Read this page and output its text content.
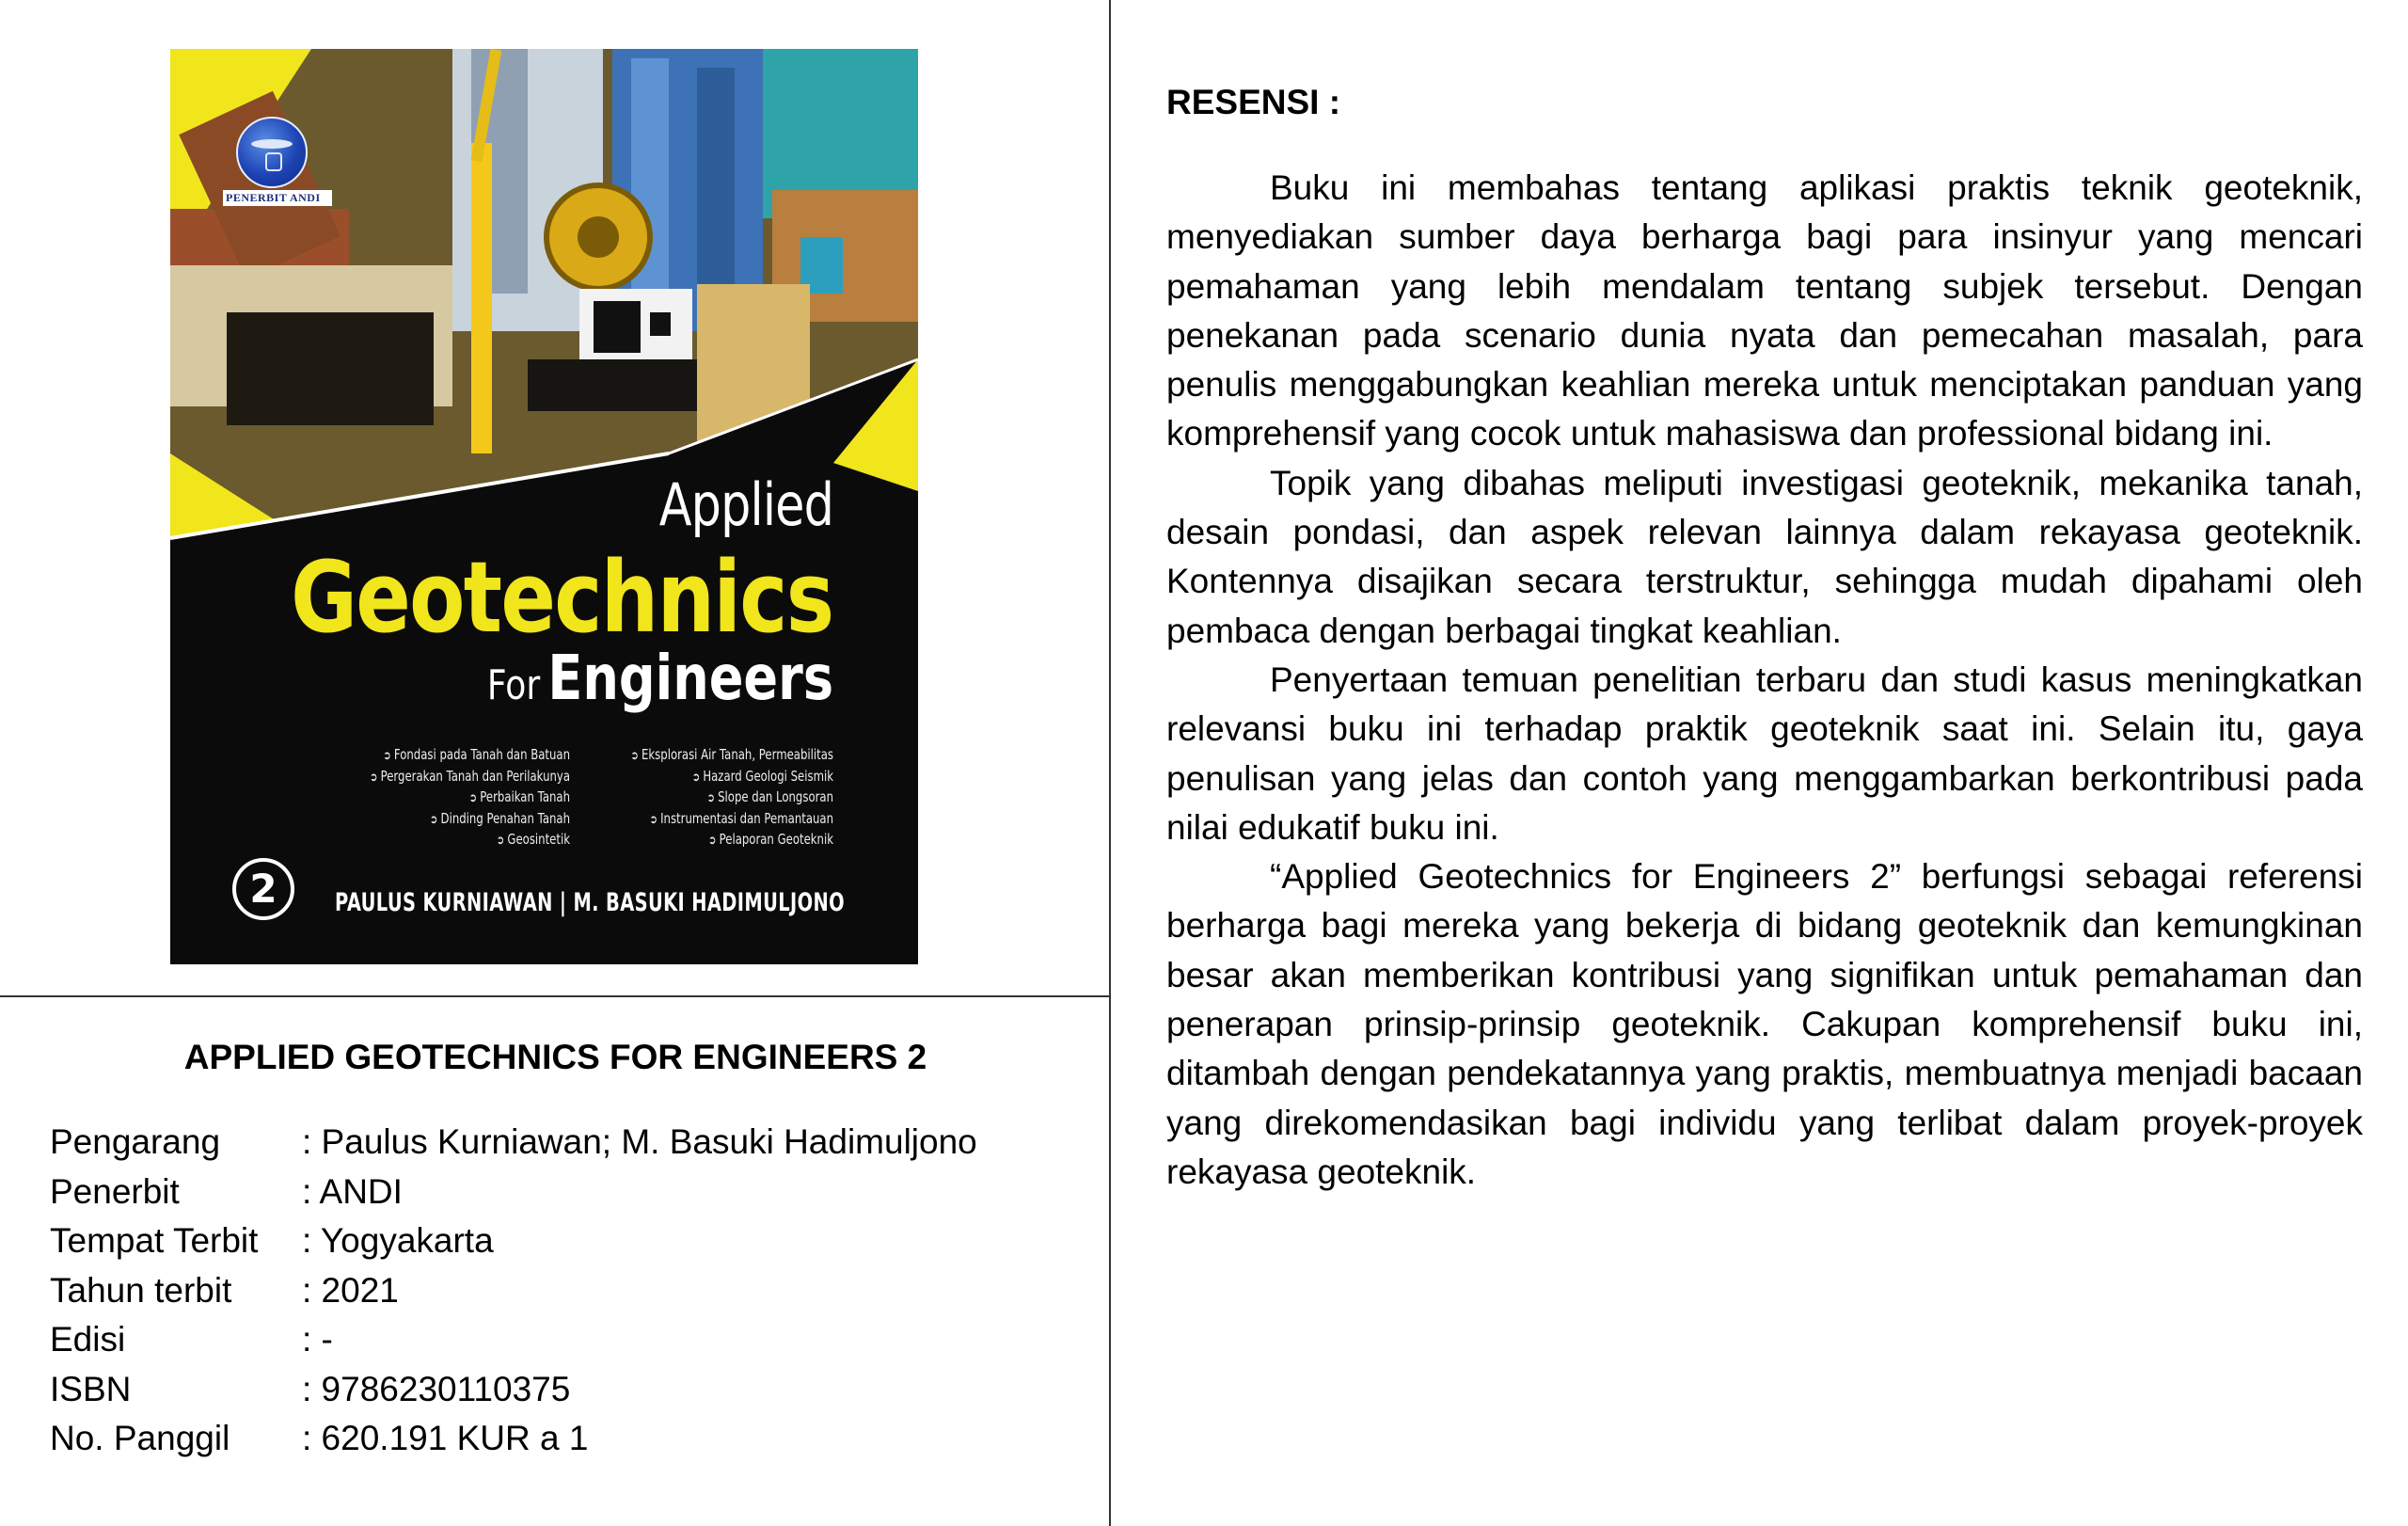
PENERBIT ANDI
Applied
Geotechnics
For Engineers
➲ Fondasi pada Tanah dan Batuan
➲ Pergerakan Tanah dan Perilakunya
➲ Perbaikan Tanah
➲ Dinding Penahan Tanah
➲ Geosintetik
➲ Eksplorasi Air Tanah, Permeabilitas
➲ Hazard Geologi Seismik
➲ Slope dan Longsoran
➲ Instrumentasi dan Pemantauan
➲ Pelaporan Geoteknik
2	PAULUS KURNIAWAN | M. BASUKI HADIMULJONO
APPLIED GEOTECHNICS FOR ENGINEERS 2
Pengarang	: Paulus Kurniawan; M. Basuki Hadimuljono
Penerbit	: ANDI
Tempat Terbit	: Yogyakarta
Tahun terbit	: 2021
Edisi	: -
ISBN	: 9786230110375
No. Panggil	: 620.191 KUR a 1
RESENSI :

Buku ini membahas tentang aplikasi praktis teknik geoteknik, menyediakan sumber daya berharga bagi para insinyur yang mencari pemahaman yang lebih mendalam tentang subjek tersebut. Dengan penekanan pada scenario dunia nyata dan pemecahan masalah, para penulis menggabungkan keahlian mereka untuk menciptakan panduan yang komprehensif yang cocok untuk mahasiswa dan professional bidang ini.

Topik yang dibahas meliputi investigasi geoteknik, mekanika tanah, desain pondasi, dan aspek relevan lainnya dalam rekayasa geoteknik. Kontennya disajikan secara terstruktur, sehingga mudah dipahami oleh pembaca dengan berbagai tingkat keahlian.

Penyertaan temuan penelitian terbaru dan studi kasus meningkatkan relevansi buku ini terhadap praktik geoteknik saat ini. Selain itu, gaya penulisan yang jelas dan contoh yang menggambarkan berkontribusi pada nilai edukatif buku ini.

“Applied Geotechnics for Engineers 2” berfungsi sebagai referensi berharga bagi mereka yang bekerja di bidang geoteknik dan kemungkinan besar akan memberikan kontribusi yang signifikan untuk pemahaman dan penerapan prinsip-prinsip geoteknik. Cakupan komprehensif buku ini, ditambah dengan pendekatannya yang praktis, membuatnya menjadi bacaan yang direkomendasikan bagi individu yang terlibat dalam proyek-proyek rekayasa geoteknik.
